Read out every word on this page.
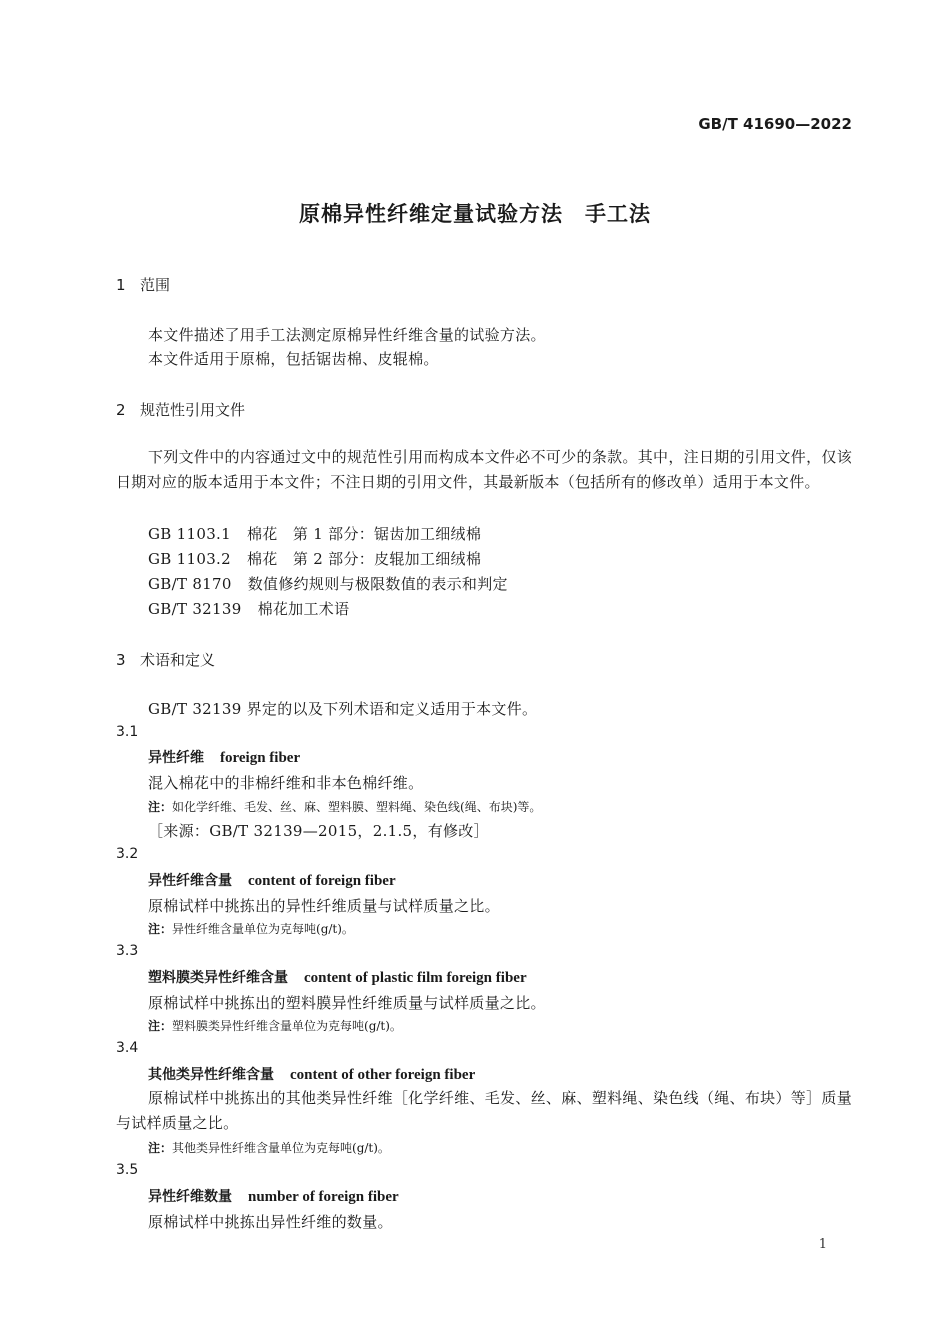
GB/T 41690—2022
原棉异性纤维定量试验方法　手工法
1 范围
本文件描述了用手工法测定原棉异性纤维含量的试验方法。
本文件适用于原棉，包括锯齿棉、皮辊棉。
2 规范性引用文件
下列文件中的内容通过文中的规范性引用而构成本文件必不可少的条款。其中，注日期的引用文件，仅该日期对应的版本适用于本文件；不注日期的引用文件，其最新版本（包括所有的修改单）适用于本文件。
GB 1103.1 棉花　第 1 部分：锯齿加工细绒棉
GB 1103.2 棉花　第 2 部分：皮辊加工细绒棉
GB/T 8170 数值修约规则与极限数值的表示和判定
GB/T 32139 棉花加工术语
3 术语和定义
GB/T 32139 界定的以及下列术语和定义适用于本文件。
3.1
异性纤维 foreign fiber
混入棉花中的非棉纤维和非本色棉纤维。
注：如化学纤维、毛发、丝、麻、塑料膜、塑料绳、染色线(绳、布块)等。
［来源：GB/T 32139—2015，2.1.5，有修改］
3.2
异性纤维含量 content of foreign fiber
原棉试样中挑拣出的异性纤维质量与试样质量之比。
注：异性纤维含量单位为克每吨(g/t)。
3.3
塑料膜类异性纤维含量 content of plastic film foreign fiber
原棉试样中挑拣出的塑料膜异性纤维质量与试样质量之比。
注：塑料膜类异性纤维含量单位为克每吨(g/t)。
3.4
其他类异性纤维含量 content of other foreign fiber
原棉试样中挑拣出的其他类异性纤维［化学纤维、毛发、丝、麻、塑料绳、染色线（绳、布块）等］质量与试样质量之比。
注：其他类异性纤维含量单位为克每吨(g/t)。
3.5
异性纤维数量 number of foreign fiber
原棉试样中挑拣出异性纤维的数量。
1
